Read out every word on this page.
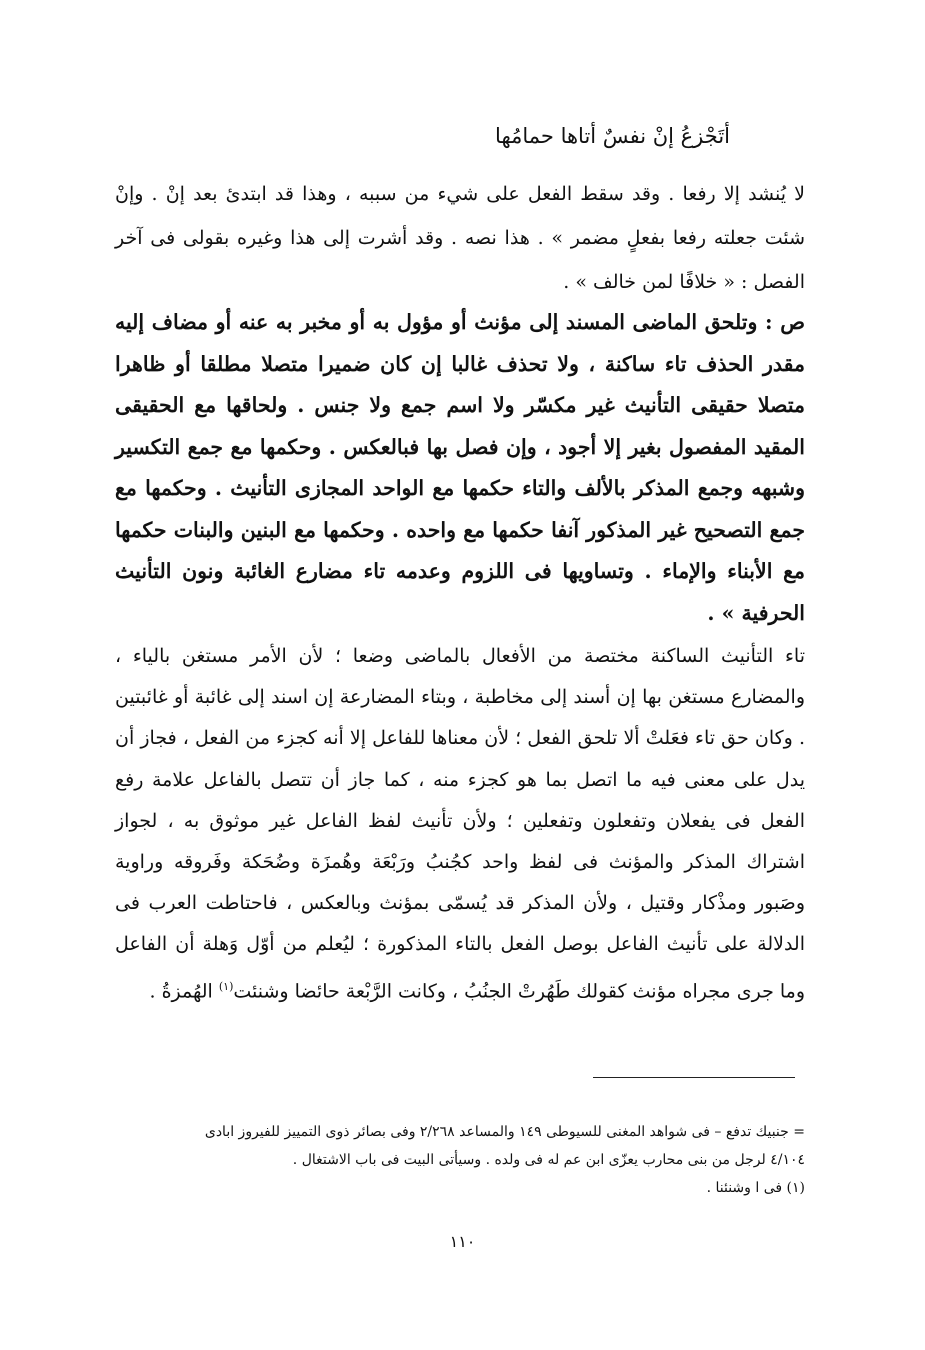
أتَجْزعُ إنْ نفسٌ أتاها حمامُها
لا يُنشد إلا رفعا . وقد سقط الفعل على شيء من سببه ، وهذا قد ابتدئ بعد إنْ . وإنْ شئت جعلته رفعا بفعلٍ مضمر » . هذا نصه . وقد أشرت إلى هذا وغيره بقولى فى آخر الفصل : « خلافًا لمن خالف » .
ص : وتلحق الماضى المسند إلى مؤنث أو مؤول به أو مخبر به عنه أو مضاف إليه مقدر الحذف تاء ساكنة ، ولا تحذف غالبا إن كان ضميرا متصلا مطلقا أو ظاهرا متصلا حقيقى التأنيث غير مكسّر ولا اسم جمع ولا جنس . ولحاقها مع الحقيقى المقيد المفصول بغير إلا أجود ، وإن فصل بها فبالعكس . وحكمها مع جمع التكسير وشبهه وجمع المذكر بالألف والتاء حكمها مع الواحد المجازى التأنيث . وحكمها مع جمع التصحيح غير المذكور آنفا حكمها مع واحده . وحكمها مع البنين والبنات حكمها مع الأبناء والإماء . وتساويها فى اللزوم وعدمه تاء مضارع الغائبة ونون التأنيث الحرفية » .
تاء التأنيث الساكنة مختصة من الأفعال بالماضى وضعا ؛ لأن الأمر مستغن بالياء ، والمضارع مستغن بها إن أسند إلى مخاطبة ، وبتاء المضارعة إن اسند إلى غائبة أو غائبتين . وكان حق تاء فعَلتْ ألا تلحق الفعل ؛ لأن معناها للفاعل إلا أنه كجزء من الفعل ، فجاز أن يدل على معنى فيه ما اتصل بما هو كجزء منه ، كما جاز أن تتصل بالفاعل علامة رفع الفعل فى يفعلان وتفعلون وتفعلين ؛ ولأن تأنيث لفظ الفاعل غير موثوق به ، لجواز اشتراك المذكر والمؤنث فى لفظ واحد كجُنبُ ورَبْعَة وهُمزَة وضُحَكة وفَروقه وراوية وصَبور ومذْكار وقتيل ، ولأن المذكر قد يُسمّى بمؤنث وبالعكس ، فاحتاطت العرب فى الدلالة على تأنيث الفاعل بوصل الفعل بالتاء المذكورة ؛ ليُعلم من أوّل وَهلة أن الفاعل وما جرى مجراه مؤنث كقولك طَهُرتْ الجنُبُ ، وكانت الرَّبْعة حائضا وشنئت$^{(١)}$ الهُمزةُ .
= جنبيك تدفع – فى شواهد المغنى للسيوطى ١٤٩ والمساعد ٢/٢٦٨ وفى بصائر ذوى التمييز للفيروز ابادى
٤/١٠٤ لرجل من بنى محارب يعزّى ابن عم له فى ولده . وسيأتى البيت فى باب الاشتغال .
(١) فى ا وشنئنا .
١١٠
